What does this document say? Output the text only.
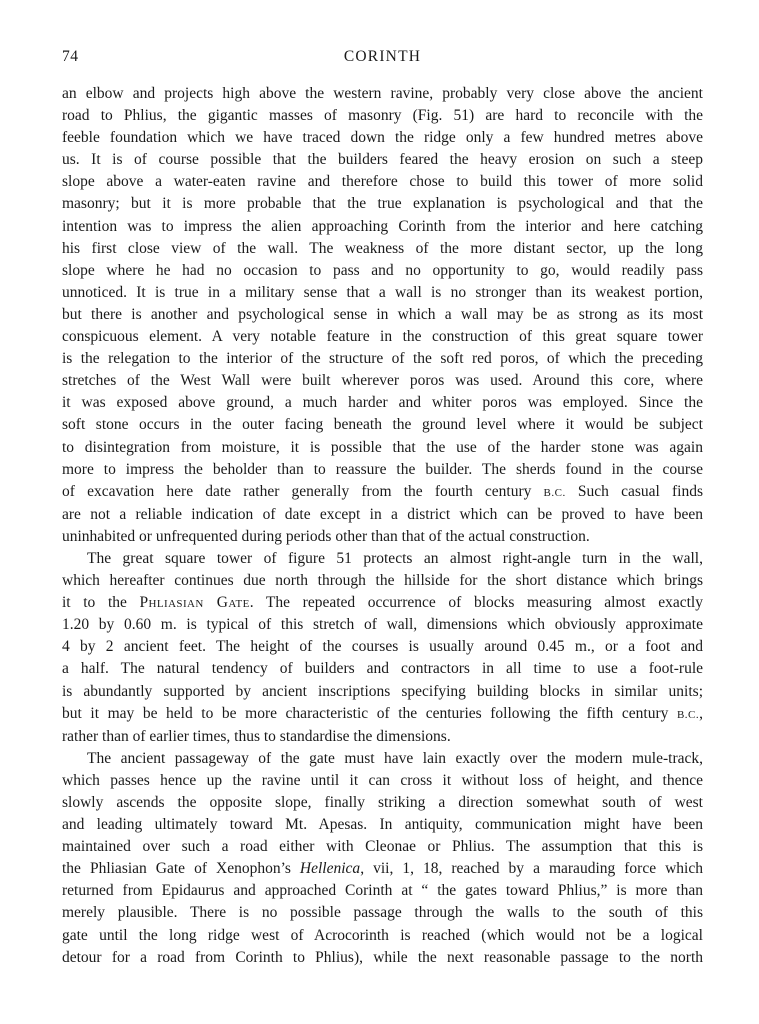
74	CORINTH
an elbow and projects high above the western ravine, probably very close above the ancient
road to Phlius, the gigantic masses of masonry (Fig. 51) are hard to reconcile with the
feeble foundation which we have traced down the ridge only a few hundred metres above
us. It is of course possible that the builders feared the heavy erosion on such a steep
slope above a water-eaten ravine and therefore chose to build this tower of more solid
masonry; but it is more probable that the true explanation is psychological and that the
intention was to impress the alien approaching Corinth from the interior and here catching
his first close view of the wall. The weakness of the more distant sector, up the long
slope where he had no occasion to pass and no opportunity to go, would readily pass
unnoticed. It is true in a military sense that a wall is no stronger than its weakest portion,
but there is another and psychological sense in which a wall may be as strong as its most
conspicuous element. A very notable feature in the construction of this great square tower
is the relegation to the interior of the structure of the soft red poros, of which the preceding
stretches of the West Wall were built wherever poros was used. Around this core, where
it was exposed above ground, a much harder and whiter poros was employed. Since the
soft stone occurs in the outer facing beneath the ground level where it would be subject
to disintegration from moisture, it is possible that the use of the harder stone was again
more to impress the beholder than to reassure the builder. The sherds found in the course
of excavation here date rather generally from the fourth century B.C. Such casual finds
are not a reliable indication of date except in a district which can be proved to have been
uninhabited or unfrequented during periods other than that of the actual construction.
The great square tower of figure 51 protects an almost right-angle turn in the wall,
which hereafter continues due north through the hillside for the short distance which brings
it to the Phliasian Gate. The repeated occurrence of blocks measuring almost exactly
1.20 by 0.60 m. is typical of this stretch of wall, dimensions which obviously approximate
4 by 2 ancient feet. The height of the courses is usually around 0.45 m., or a foot and
a half. The natural tendency of builders and contractors in all time to use a foot-rule
is abundantly supported by ancient inscriptions specifying building blocks in similar units;
but it may be held to be more characteristic of the centuries following the fifth century B.C.,
rather than of earlier times, thus to standardise the dimensions.
The ancient passageway of the gate must have lain exactly over the modern mule-track,
which passes hence up the ravine until it can cross it without loss of height, and thence
slowly ascends the opposite slope, finally striking a direction somewhat south of west
and leading ultimately toward Mt. Apesas. In antiquity, communication might have been
maintained over such a road either with Cleonae or Phlius. The assumption that this is
the Phliasian Gate of Xenophon’s Hellenica, vii, 1, 18, reached by a marauding force which
returned from Epidaurus and approached Corinth at “ the gates toward Phlius,” is more than
merely plausible. There is no possible passage through the walls to the south of this
gate until the long ridge west of Acrocorinth is reached (which would not be a logical
detour for a road from Corinth to Phlius), while the next reasonable passage to the north
